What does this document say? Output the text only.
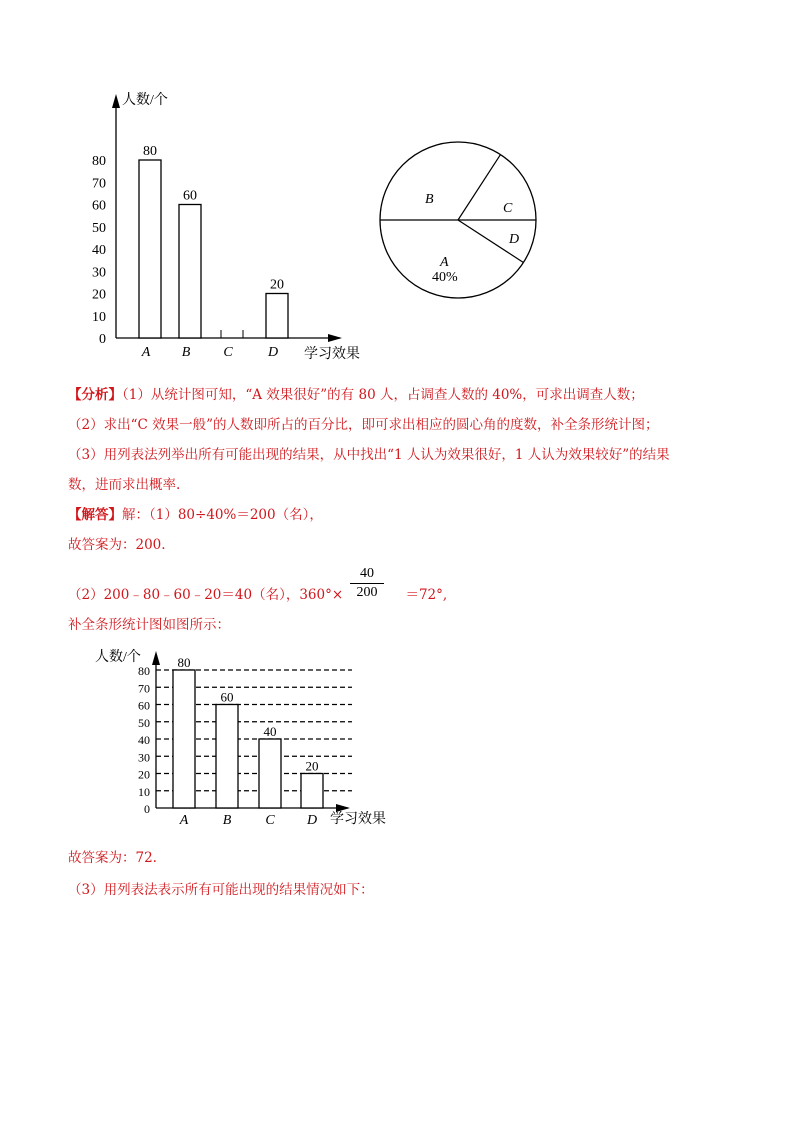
人数/个
学习效果
0
10
20
30
40
50
60
70
80
A
80
B
60
C	D
20
B
C
D
A
40%
【分析】（1）从统计图可知，“A 效果很好”的有 80 人，占调查人数的 40%，可求出调查人数；
（2）求出“C 效果一般”的人数即所占的百分比，即可求出相应的圆心角的度数，补全条形统计图；
（3）用列表法列举出所有可能出现的结果，从中找出“1 人认为效果很好，1 人认为效果较好”的结果
数，进而求出概率.
【解答】解：（1）80÷40%＝200（名），
故答案为：200.
（2）200﹣80﹣60﹣20＝40（名），360°×	＝72°,
40
200
补全条形统计图如图所示：
人数/个
学习效果
0
10
20
30
40
50
60
70
80
A
80
B
60
C
40
D
20
故答案为：72.
（3）用列表法表示所有可能出现的结果情况如下：
